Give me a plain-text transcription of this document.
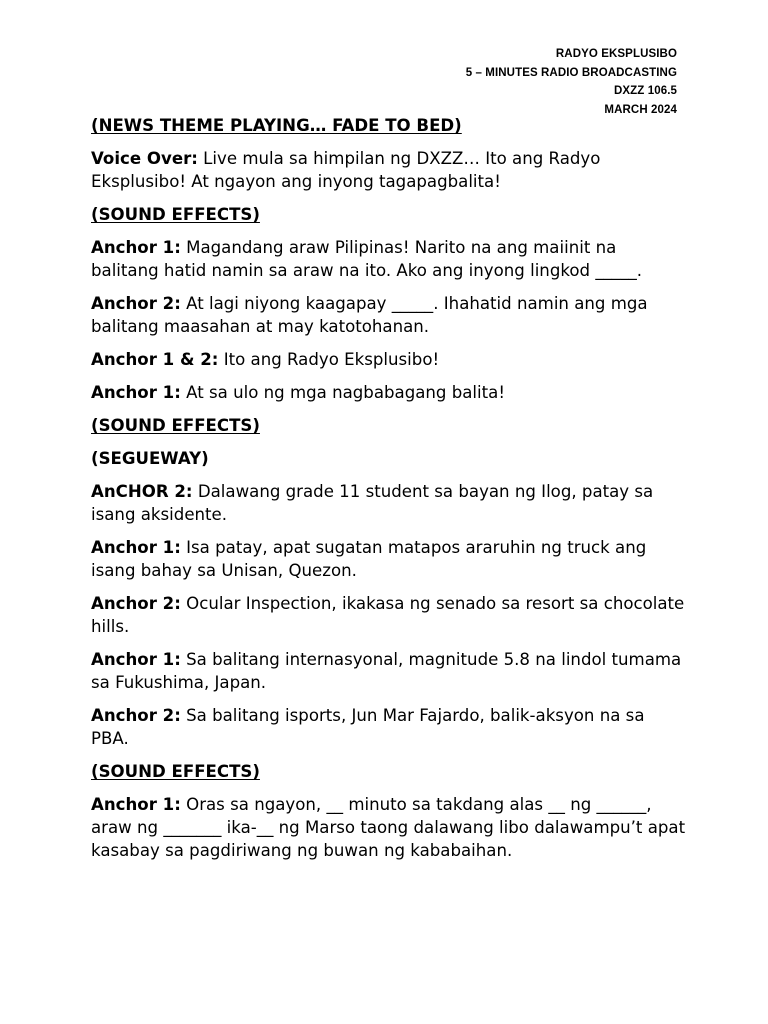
RADYO EKSPLUSIBO
5 – MINUTES RADIO BROADCASTING
DXZZ 106.5
MARCH 2024
(NEWS THEME PLAYING… FADE TO BED)
Voice Over: Live mula sa himpilan ng DXZZ… Ito ang Radyo Eksplusibo! At ngayon ang inyong tagapagbalita!
(SOUND EFFECTS)
Anchor 1: Magandang araw Pilipinas! Narito na ang maiinit na balitang hatid namin sa araw na ito. Ako ang inyong lingkod _____.
Anchor 2: At lagi niyong kaagapay _____. Ihahatid namin ang mga balitang maasahan at may katotohanan.
Anchor 1 & 2: Ito ang Radyo Eksplusibo!
Anchor 1: At sa ulo ng mga nagbabagang balita!
(SOUND EFFECTS)
(SEGUEWAY)
AnCHOR 2: Dalawang grade 11 student sa bayan ng Ilog, patay sa isang aksidente.
Anchor 1: Isa patay, apat sugatan matapos araruhin ng truck ang isang bahay sa Unisan, Quezon.
Anchor 2: Ocular Inspection, ikakasa ng senado sa resort sa chocolate hills.
Anchor 1: Sa balitang internasyonal, magnitude 5.8 na lindol tumama sa Fukushima, Japan.
Anchor 2: Sa balitang isports, Jun Mar Fajardo, balik-aksyon na sa PBA.
(SOUND EFFECTS)
Anchor 1: Oras sa ngayon, __ minuto sa takdang alas __ ng ______, araw ng _______ ika-__ ng Marso taong dalawang libo dalawampu’t apat kasabay sa pagdiriwang ng buwan ng kababaihan.
